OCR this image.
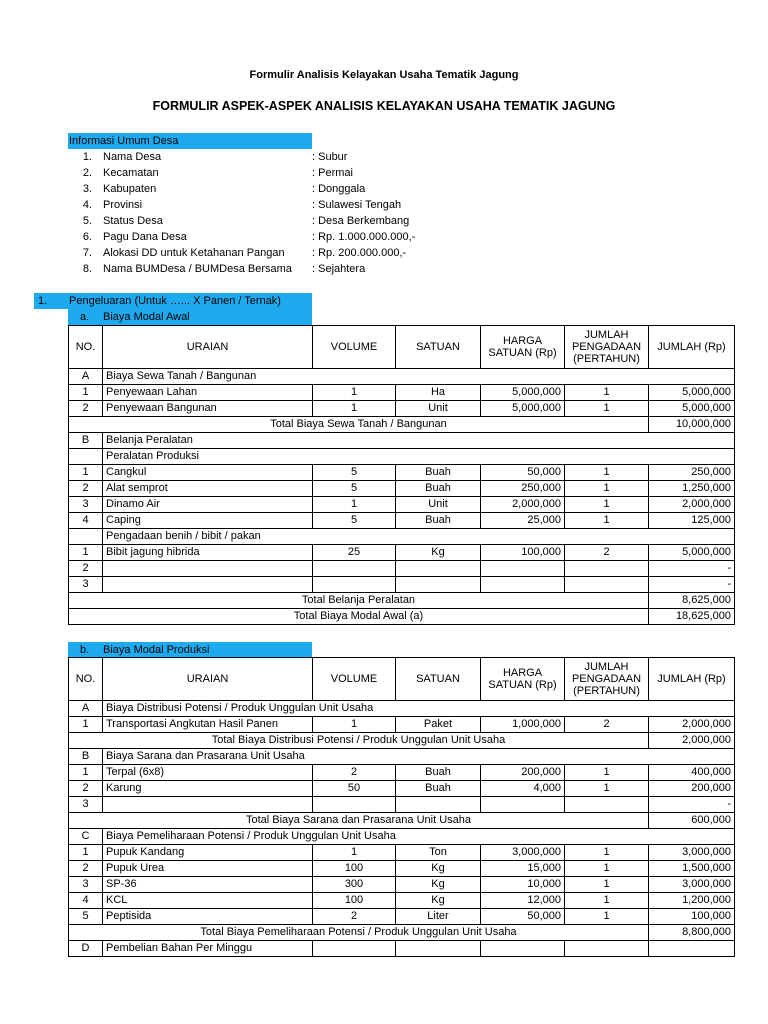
Formulir Analisis Kelayakan Usaha Tematik Jagung
FORMULIR ASPEK-ASPEK ANALISIS KELAYAKAN USAHA TEMATIK JAGUNG
Informasi Umum Desa
1. Nama Desa	: Subur
2. Kecamatan	: Permai
3. Kabupaten	: Donggala
4. Provinsi	: Sulawesi Tengah
5. Status Desa	: Desa Berkembang
6. Pagu Dana Desa	: Rp. 1.000.000.000,-
7. Alokasi DD untuk Ketahanan Pangan : Rp. 200.000.000,-
8. Nama BUMDesa / BUMDesa Bersama : Sejahtera
1. Pengeluaran (Untuk …... X Panen / Ternak)
a. Biaya Modal Awal
NO.	URAIAN	VOLUME	SATUAN	HARGA SATUAN (Rp)	JUMLAH PENGADAAN (PERTAHUN)	JUMLAH (Rp)
A	Biaya Sewa Tanah / Bangunan					
1	Penyewaan Lahan	1	Ha	5,000,000	1	5,000,000
2	Penyewaan Bangunan	1	Unit	5,000,000	1	5,000,000
Total Biaya Sewa Tanah / Bangunan						10,000,000
B	Belanja Peralatan					
	Peralatan Produksi					
1	Cangkul	5	Buah	50,000	1	250,000
2	Alat semprot	5	Buah	250,000	1	1,250,000
3	Dinamo Air	1	Unit	2,000,000	1	2,000,000
4	Caping	5	Buah	25,000	1	125,000
	Pengadaan benih / bibit / pakan					
1	Bibit jagung hibrida	25	Kg	100,000	2	5,000,000
2						-
3						-
Total Belanja Peralatan						8,625,000
Total Biaya Modal Awal (a)						18,625,000
b. Biaya Modal Produksi
NO.	URAIAN	VOLUME	SATUAN	HARGA SATUAN (Rp)	JUMLAH PENGADAAN (PERTAHUN)	JUMLAH (Rp)
A	Biaya Distribusi Potensi / Produk Unggulan Unit Usaha					
1	Transportasi Angkutan Hasil Panen	1	Paket	1,000,000	2	2,000,000
Total Biaya Distribusi Potensi / Produk Unggulan Unit Usaha						2,000,000
B	Biaya Sarana dan Prasarana Unit Usaha					
1	Terpal (6x8)	2	Buah	200,000	1	400,000
2	Karung	50	Buah	4,000	1	200,000
3						-
Total Biaya Sarana dan Prasarana Unit Usaha						600,000
C	Biaya Pemeliharaan Potensi / Produk Unggulan Unit Usaha					
1	Pupuk Kandang	1	Ton	3,000,000	1	3,000,000
2	Pupuk Urea	100	Kg	15,000	1	1,500,000
3	SP-36	300	Kg	10,000	1	3,000,000
4	KCL	100	Kg	12,000	1	1,200,000
5	Peptisida	2	Liter	50,000	1	100,000
Total Biaya Pemeliharaan Potensi / Produk Unggulan Unit Usaha						8,800,000
D	Pembelian Bahan Per Minggu					
